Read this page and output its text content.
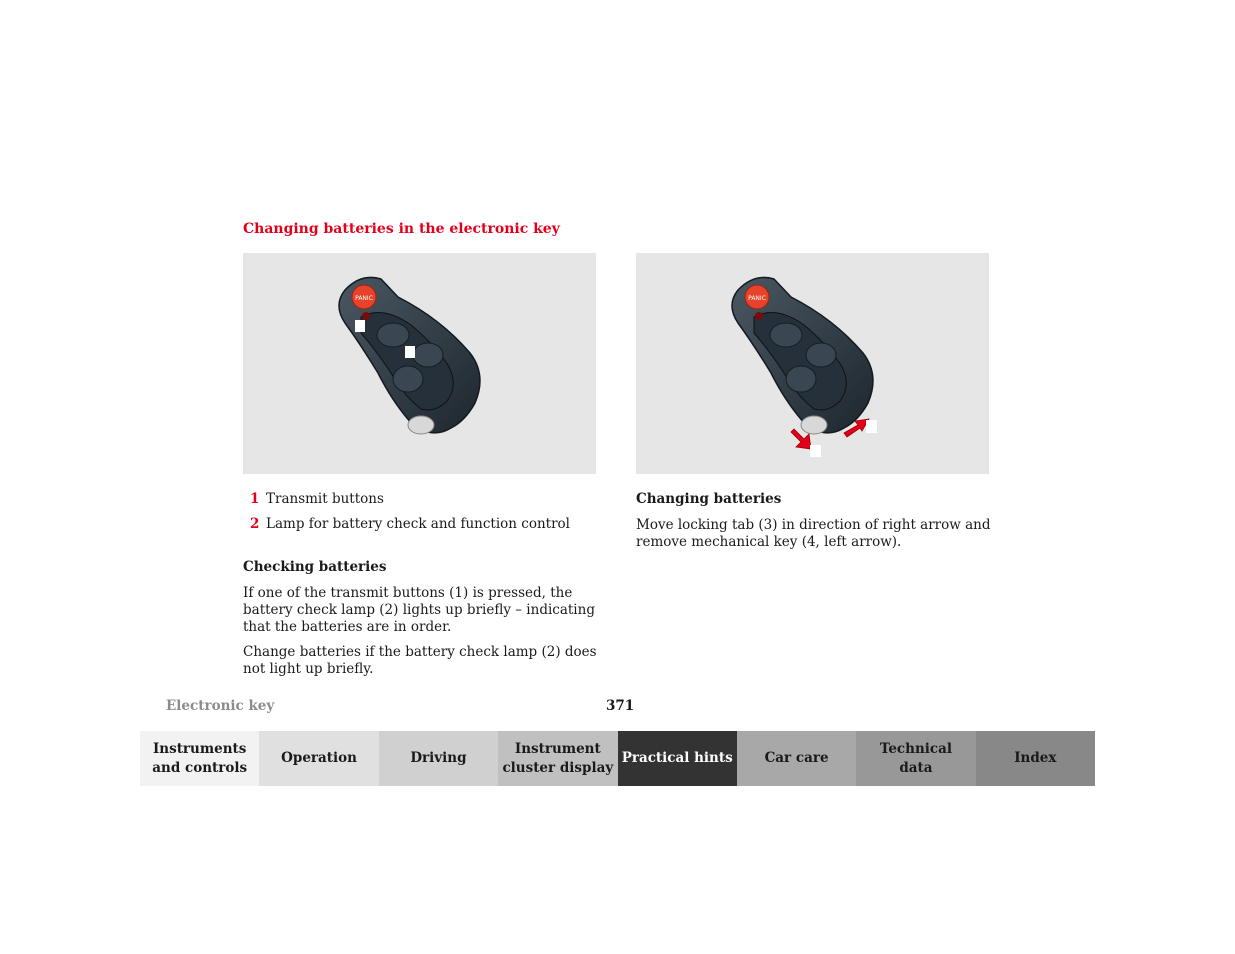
Changing batteries in the electronic key
PANIC	PANIC
1 Transmit buttons
2 Lamp for battery check and function control
Checking batteries

If one of the transmit buttons (1) is pressed, the battery check lamp (2) lights up briefly – indicating that the batteries are in order.

Change batteries if the battery check lamp (2) does not light up briefly.

Changing batteries

Move locking tab (3) in direction of right arrow and remove mechanical key (4, left arrow).

Electronic key	371
Instruments
and controls
Operation	Driving
Instrument
cluster display
Practical hints Car care
Technical
data
Index
